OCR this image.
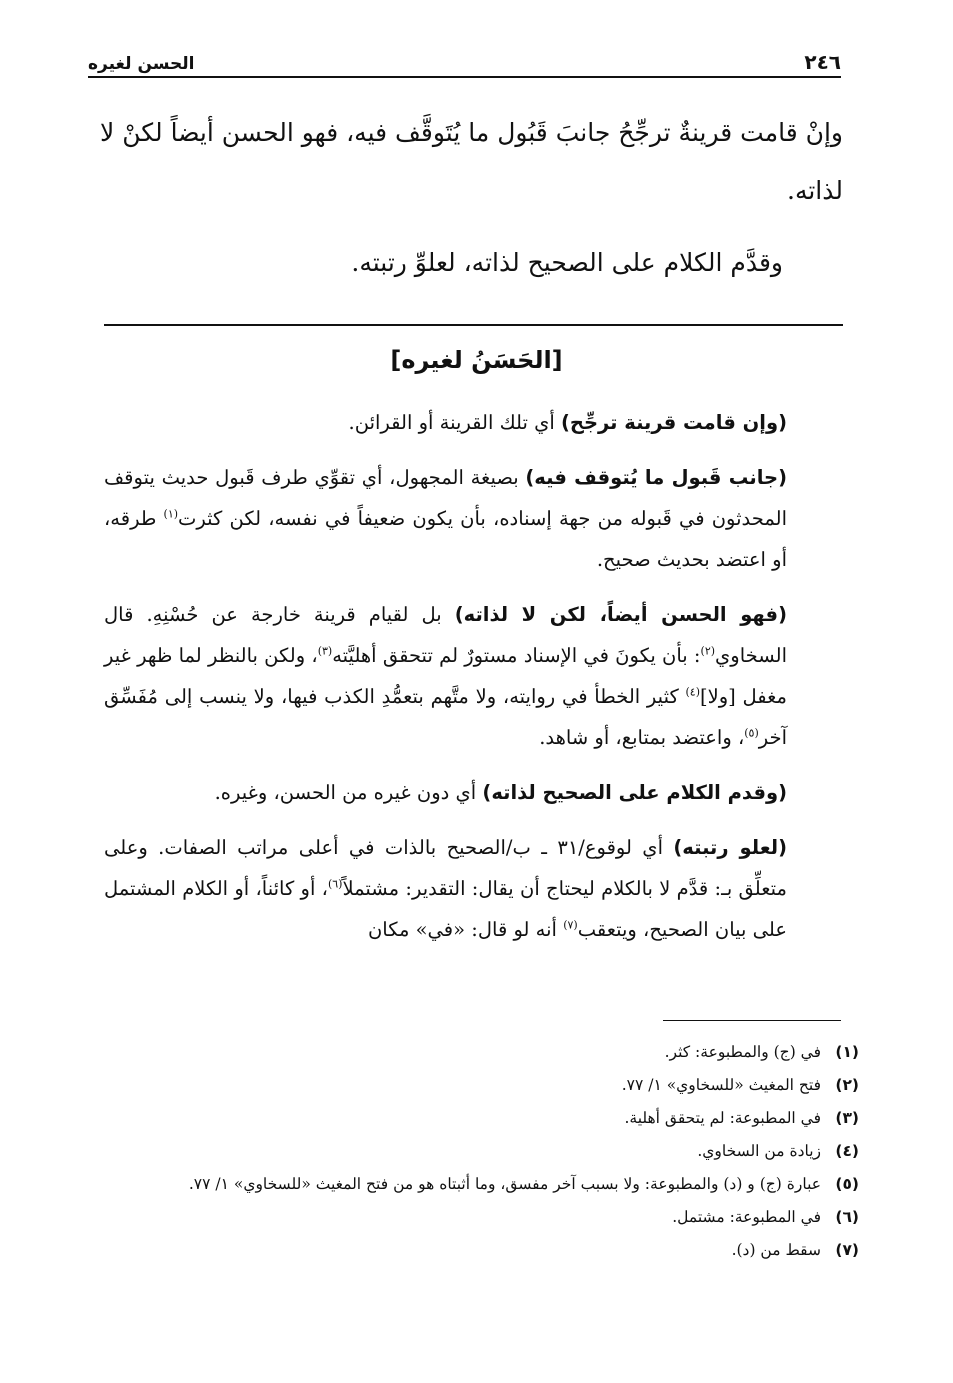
٢٤٦
الحسن لغيره

وإنْ قامت قرينةٌ ترجِّحُ جانبَ قَبُول ما يُتَوقَّف فيه، فهو الحسن أيضاً لكنْ لا لذاته.

وقدَّم الكلام على الصحيح لذاته، لعلوِّ رتبته.

[الحَسَنُ لغيره]

(وإن قامت قرينة ترجِّح) أي تلك القرينة أو القرائن.

(جانب قَبول ما يُتوقف فيه) بصيغة المجهول، أي تقوِّي طرف قَبول حديث يتوقف المحدثون في قَبوله من جهة إسناده، بأن يكون ضعيفاً في نفسه، لكن كثرت$^{(١)}$ طرقه، أو اعتضد بحديث صحيح.

(فهو الحسن أيضاً، لكن لا لذاته) بل لقيام قرينة خارجة عن حُسْنِهِ. قال السخاوي$^{(٢)}$: بأن يكونَ في الإسناد مستورٌ لم تتحقق أهليَّته$^{(٣)}$، ولكن بالنظر لما ظهر غير مغفل [ولا]$^{(٤)}$ كثير الخطأ في روايته، ولا متَّهم بتعمُّدِ الكذب فيها، ولا ينسب إلى مُفَسِّق آخر$^{(٥)}$، واعتضد بمتابع، أو شاهد.

(وقدم الكلام على الصحيح لذاته) أي دون غيره من الحسن، وغيره.

(لعلو رتبته) أي لوقوع/٣١ ـ ب/الصحيح بالذات في أعلى مراتب الصفات. وعلى متعلِّق بـ: قدَّم لا بالكلام ليحتاج أن يقال: التقدير: مشتملاً$^{(٦)}$، أو كائناً، أو الكلام المشتمل على بيان الصحيح، ويتعقب$^{(٧)}$ أنه لو قال: «في» مكان

(١)
في (ج) والمطبوعة: كثر.
(٢)
فتح المغيث «للسخاوي» ١/ ٧٧.
(٣)
في المطبوعة: لم يتحقق أهلية.
(٤)
زيادة من السخاوي.
(٥)
عبارة (ج) و (د) والمطبوعة: ولا بسبب آخر مفسق، وما أثبتاه هو من فتح المغيث «للسخاوي» ١/ ٧٧.
(٦)
في المطبوعة: مشتمل.
(٧)
سقط من (د).
